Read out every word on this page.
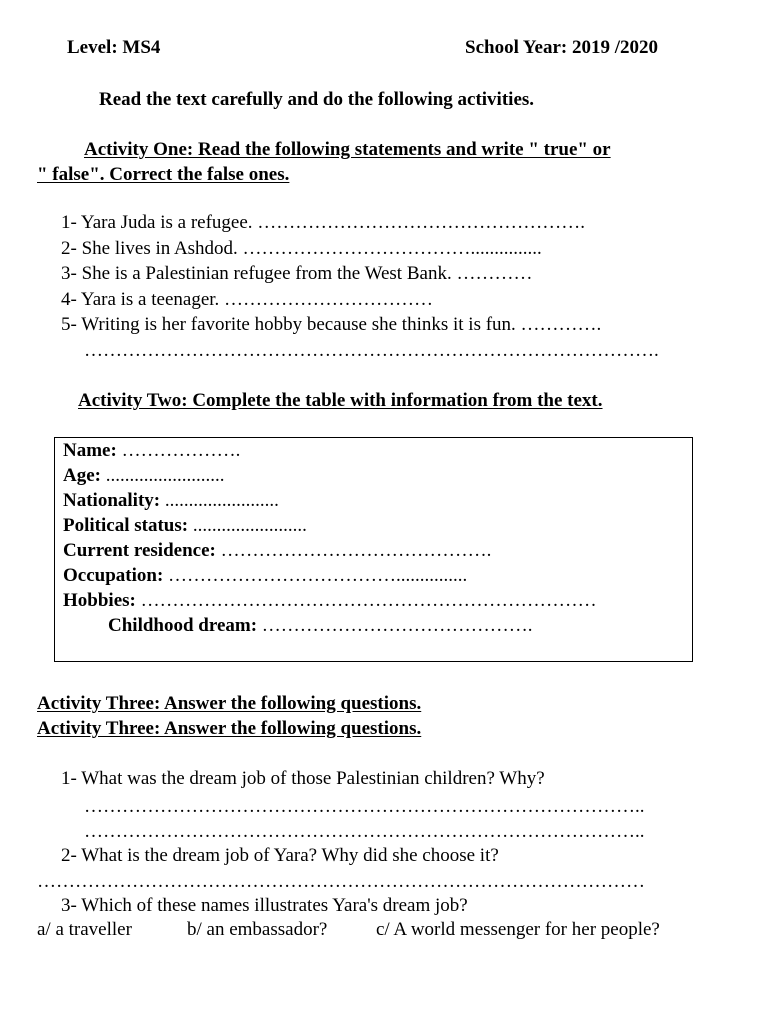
Level: MS4	School Year: 2019 /2020
Read the text carefully and do the following activities.
Activity One: Read the following statements and write " true" or
" false". Correct the false ones.
1- Yara Juda is a refugee. …………………………………………….
2- She lives in Ashdod. ………………………………...............
3- She is a Palestinian refugee from the West Bank. …………
4- Yara is a teenager. ……………………………
5- Writing is her favorite hobby because she thinks it is fun. ………….
……………………………………………………………………………….
Activity Two: Complete the table with information from the text.
Name: ……………….
Age: .........................
Nationality: ........................
Political status: ........................
Current residence: …………………………………….
Occupation: ………………………………...............
Hobbies: ………………………………………………………………
Childhood dream: …………………………………….
Activity Three: Answer the following questions.
Activity Three: Answer the following questions.
1- What was the dream job of those Palestinian children? Why?
……………………………………………………………………………..
……………………………………………………………………………..
2- What is the dream job of Yara? Why did she choose it?
……………………………………………………………………………………
3- Which of these names illustrates Yara's dream job?
a/ a traveller	b/ an embassador?	c/ A world messenger for her people?
